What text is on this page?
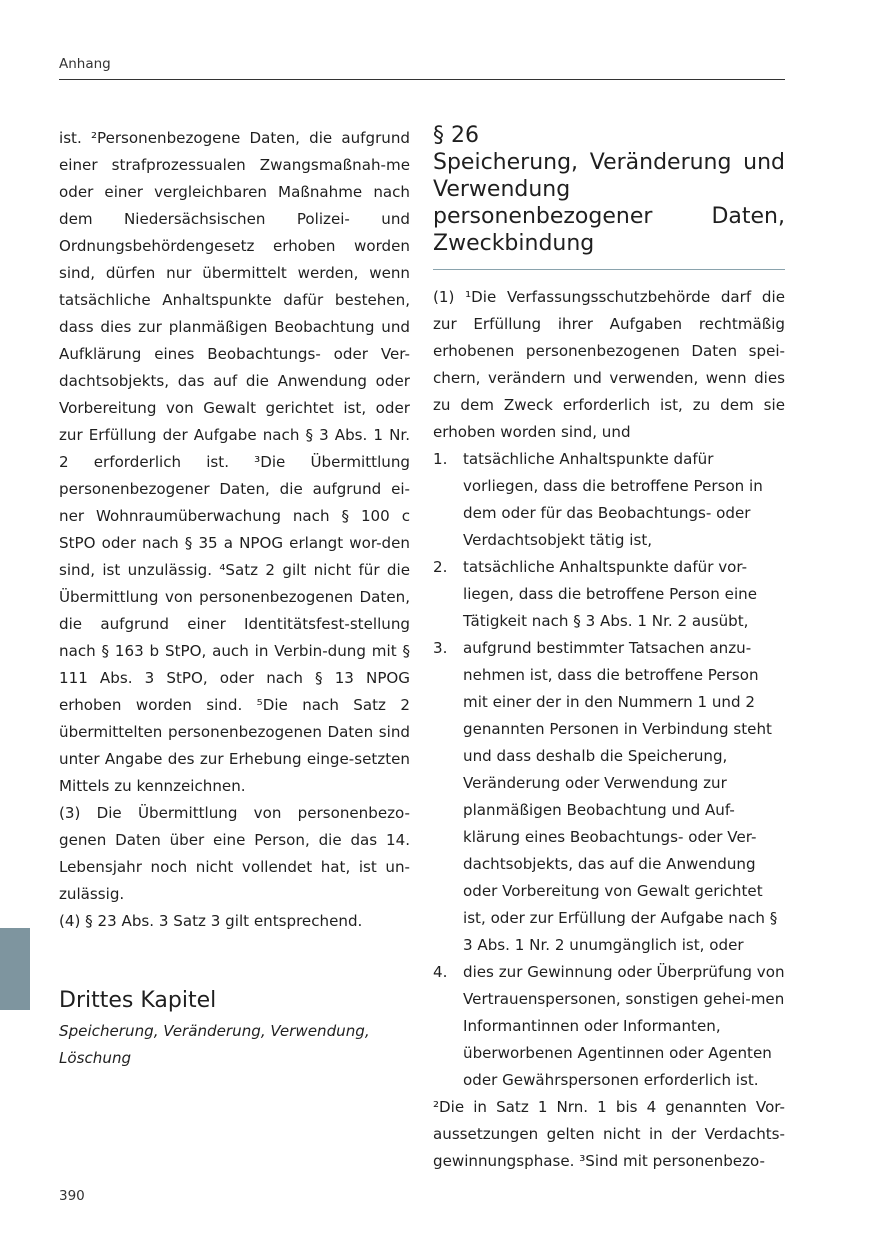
Anhang

ist. ²Personenbezogene Daten, die aufgrund einer strafprozessualen Zwangsmaßnah-me oder einer vergleichbaren Maßnahme nach dem Niedersächsischen Polizei- und Ordnungsbehördengesetz erhoben worden sind, dürfen nur übermittelt werden, wenn tatsächliche Anhaltspunkte dafür bestehen, dass dies zur planmäßigen Beobachtung und Aufklärung eines Beobachtungs- oder Ver-dachtsobjekts, das auf die Anwendung oder Vorbereitung von Gewalt gerichtet ist, oder zur Erfüllung der Aufgabe nach § 3 Abs. 1 Nr. 2 erforderlich ist. ³Die Übermittlung personenbezogener Daten, die aufgrund ei-ner Wohnraumüberwachung nach § 100 c StPO oder nach § 35 a NPOG erlangt wor-den sind, ist unzulässig. ⁴Satz 2 gilt nicht für die Übermittlung von personenbezogenen Daten, die aufgrund einer Identitätsfest-stellung nach § 163 b StPO, auch in Verbin-dung mit § 111 Abs. 3 StPO, oder nach § 13 NPOG erhoben worden sind. ⁵Die nach Satz 2 übermittelten personenbezogenen Daten sind unter Angabe des zur Erhebung einge-setzten Mittels zu kennzeichnen.

(3) Die Übermittlung von personenbezo-genen Daten über eine Person, die das 14. Lebensjahr noch nicht vollendet hat, ist un-zulässig.

(4) § 23 Abs. 3 Satz 3 gilt entsprechend.

Drittes Kapitel

Speicherung, Veränderung, Verwendung, Löschung

§ 26
Speicherung, Veränderung und Verwendung personenbezogener Daten, Zweckbindung

(1) ¹Die Verfassungsschutzbehörde darf die zur Erfüllung ihrer Aufgaben rechtmäßig erhobenen personenbezogenen Daten spei-chern, verändern und verwenden, wenn dies zu dem Zweck erforderlich ist, zu dem sie erhoben worden sind, und

1.	tatsächliche Anhaltspunkte dafür vorliegen, dass die betroffene Person in dem oder für das Beobachtungs- oder Verdachtsobjekt tätig ist,
2.	tatsächliche Anhaltspunkte dafür vor-liegen, dass die betroffene Person eine Tätigkeit nach § 3 Abs. 1 Nr. 2 ausübt,
3.	aufgrund bestimmter Tatsachen anzu-nehmen ist, dass die betroffene Person mit einer der in den Nummern 1 und 2 genannten Personen in Verbindung steht und dass deshalb die Speicherung, Veränderung oder Verwendung zur planmäßigen Beobachtung und Auf-klärung eines Beobachtungs- oder Ver-dachtsobjekts, das auf die Anwendung oder Vorbereitung von Gewalt gerichtet ist, oder zur Erfüllung der Aufgabe nach § 3 Abs. 1 Nr. 2 unumgänglich ist, oder
4.	dies zur Gewinnung oder Überprüfung von Vertrauenspersonen, sonstigen gehei-men Informantinnen oder Informanten, überworbenen Agentinnen oder Agenten oder Gewährspersonen erforderlich ist.

²Die in Satz 1 Nrn. 1 bis 4 genannten Vor-aussetzungen gelten nicht in der Verdachts-gewinnungsphase. ³Sind mit personenbezo-

390
